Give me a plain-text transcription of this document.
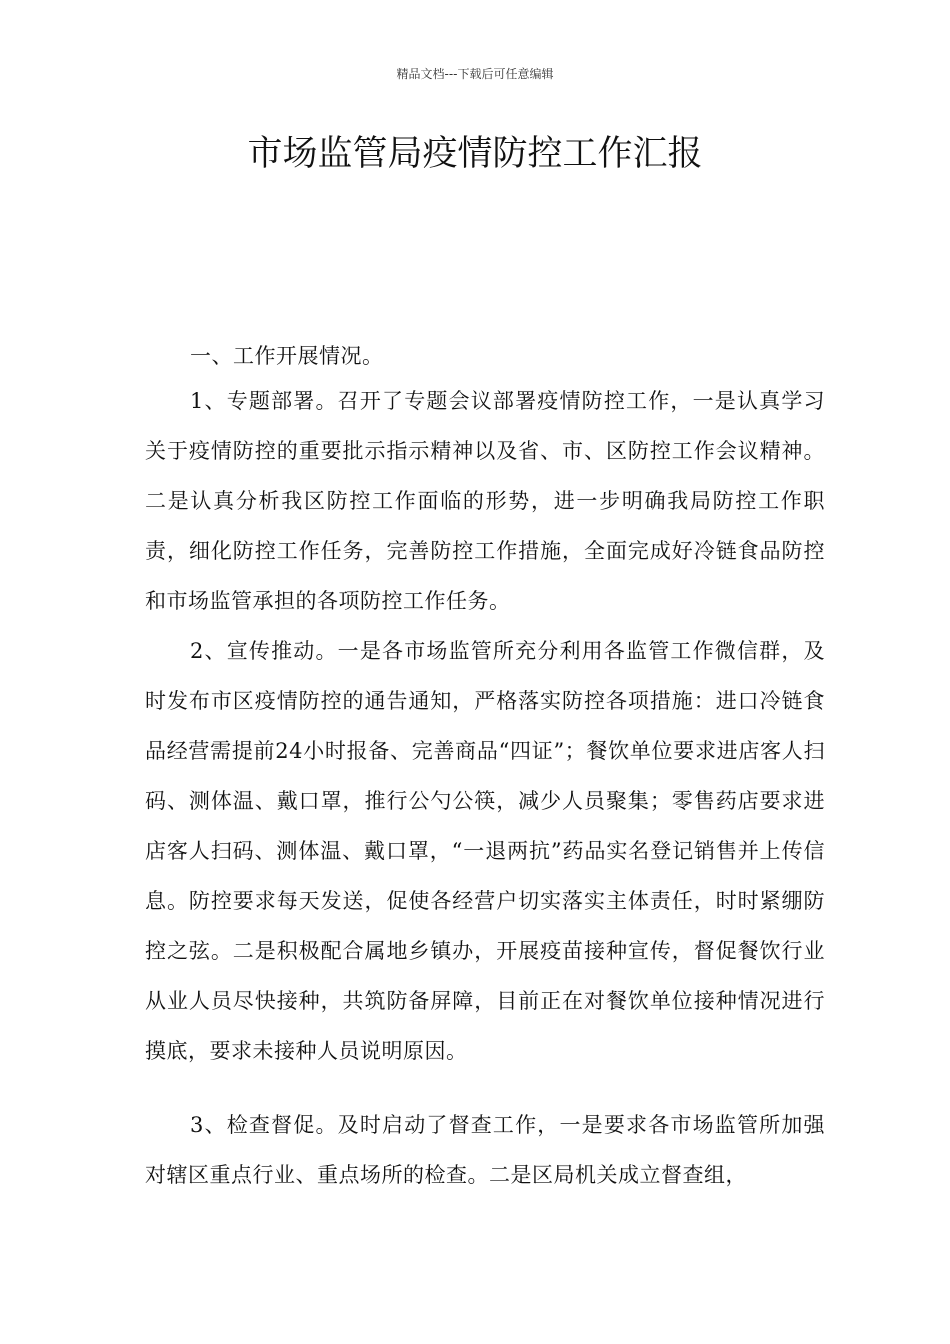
精品文档---下载后可任意编辑
市场监管局疫情防控工作汇报

一、工作开展情况。

1、专题部署。召开了专题会议部署疫情防控工作，一是认真学习关于疫情防控的重要批示指示精神以及省、市、区防控工作会议精神。二是认真分析我区防控工作面临的形势，进一步明确我局防控工作职责，细化防控工作任务，完善防控工作措施，全面完成好冷链食品防控和市场监管承担的各项防控工作任务。

2、宣传推动。一是各市场监管所充分利用各监管工作微信群，及时发布市区疫情防控的通告通知，严格落实防控各项措施：进口冷链食品经营需提前24小时报备、完善商品“四证”；餐饮单位要求进店客人扫码、测体温、戴口罩，推行公勺公筷，减少人员聚集；零售药店要求进店客人扫码、测体温、戴口罩，“一退两抗”药品实名登记销售并上传信息。防控要求每天发送，促使各经营户切实落实主体责任，时时紧绷防控之弦。二是积极配合属地乡镇办，开展疫苗接种宣传，督促餐饮行业从业人员尽快接种，共筑防备屏障，目前正在对餐饮单位接种情况进行摸底，要求未接种人员说明原因。

3、检查督促。及时启动了督查工作，一是要求各市场监管所加强对辖区重点行业、重点场所的检查。二是区局机关成立督查组，
